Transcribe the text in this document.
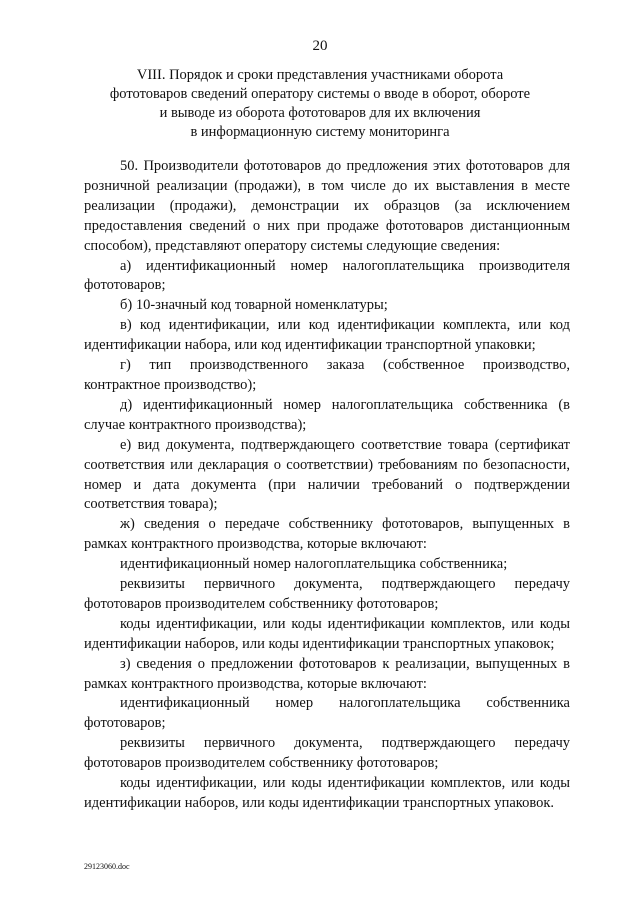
20
VIII. Порядок и сроки представления участниками оборота
фототоваров сведений оператору системы о вводе в оборот, обороте
и выводе из оборота фототоваров для их включения
в информационную систему мониторинга

50. Производители фототоваров до предложения этих фототоваров для розничной реализации (продажи), в том числе до их выставления в месте реализации (продажи), демонстрации их образцов (за исключением предоставления сведений о них при продаже фототоваров дистанционным способом), представляют оператору системы следующие сведения:

а) идентификационный номер налогоплательщика производителя фототоваров;

б) 10-значный код товарной номенклатуры;

в) код идентификации, или код идентификации комплекта, или код идентификации набора, или код идентификации транспортной упаковки;

г) тип производственного заказа (собственное производство, контрактное производство);

д) идентификационный номер налогоплательщика собственника (в случае контрактного производства);

е) вид документа, подтверждающего соответствие товара (сертификат соответствия или декларация о соответствии) требованиям по безопасности, номер и дата документа (при наличии требований о подтверждении соответствия товара);

ж) сведения о передаче собственнику фототоваров, выпущенных в рамках контрактного производства, которые включают:

идентификационный номер налогоплательщика собственника;

реквизиты первичного документа, подтверждающего передачу фототоваров производителем собственнику фототоваров;

коды идентификации, или коды идентификации комплектов, или коды идентификации наборов, или коды идентификации транспортных упаковок;

з) сведения о предложении фототоваров к реализации, выпущенных в рамках контрактного производства, которые включают:

идентификационный номер налогоплательщика собственника фототоваров;

реквизиты первичного документа, подтверждающего передачу фототоваров производителем собственнику фототоваров;

коды идентификации, или коды идентификации комплектов, или коды идентификации наборов, или коды идентификации транспортных упаковок.

29123060.doc
